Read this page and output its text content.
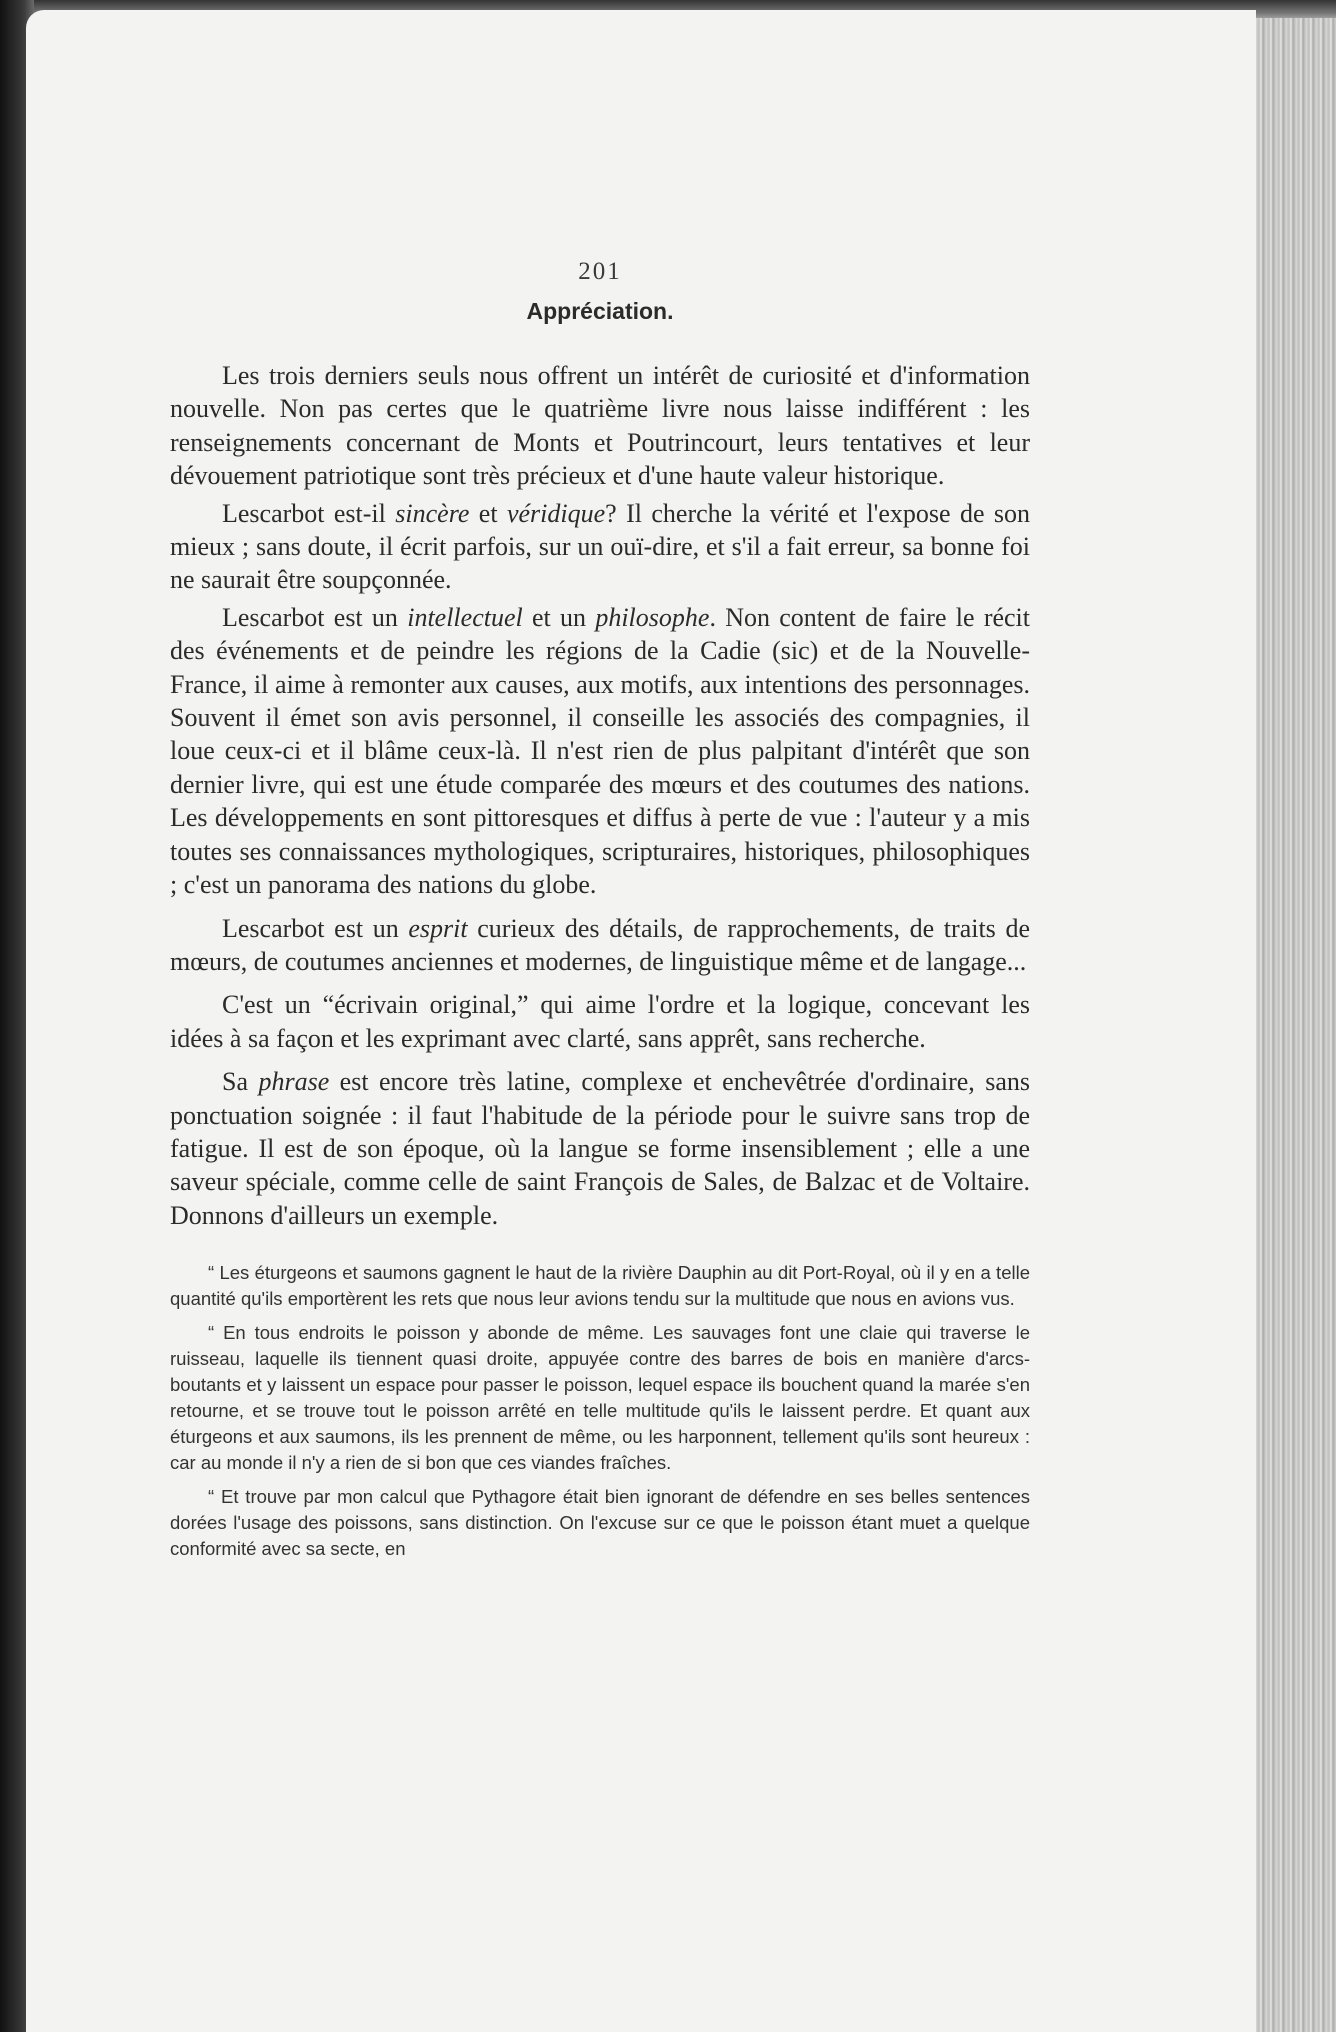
201
Appréciation.

Les trois derniers seuls nous offrent un intérêt de curiosité et d'information nouvelle. Non pas certes que le quatrième livre nous laisse indifférent : les renseignements concernant de Monts et Poutrincourt, leurs tentatives et leur dévouement patriotique sont très précieux et d'une haute valeur historique.

Lescarbot est-il sincère et véridique? Il cherche la vérité et l'expose de son mieux ; sans doute, il écrit parfois, sur un ouï-dire, et s'il a fait erreur, sa bonne foi ne saurait être soupçonnée.

Lescarbot est un intellectuel et un philosophe. Non content de faire le récit des événements et de peindre les régions de la Cadie (sic) et de la Nouvelle-France, il aime à remonter aux causes, aux motifs, aux intentions des personnages. Souvent il émet son avis personnel, il conseille les associés des compagnies, il loue ceux-ci et il blâme ceux-là. Il n'est rien de plus palpitant d'intérêt que son dernier livre, qui est une étude comparée des mœurs et des coutumes des nations. Les développements en sont pittoresques et diffus à perte de vue : l'auteur y a mis toutes ses connaissances mythologiques, scripturaires, historiques, philosophiques ; c'est un panorama des nations du globe.

Lescarbot est un esprit curieux des détails, de rapprochements, de traits de mœurs, de coutumes anciennes et modernes, de linguistique même et de langage...

C'est un “écrivain original,” qui aime l'ordre et la logique, concevant les idées à sa façon et les exprimant avec clarté, sans apprêt, sans recherche.

Sa phrase est encore très latine, complexe et enchevêtrée d'ordinaire, sans ponctuation soignée : il faut l'habitude de la période pour le suivre sans trop de fatigue. Il est de son époque, où la langue se forme insensiblement ; elle a une saveur spéciale, comme celle de saint François de Sales, de Balzac et de Voltaire. Donnons d'ailleurs un exemple.

“ Les éturgeons et saumons gagnent le haut de la rivière Dauphin au dit Port-Royal, où il y en a telle quantité qu'ils emportèrent les rets que nous leur avions tendu sur la multitude que nous en avions vus.

“ En tous endroits le poisson y abonde de même. Les sauvages font une claie qui traverse le ruisseau, laquelle ils tiennent quasi droite, appuyée contre des barres de bois en manière d'arcs-boutants et y laissent un espace pour passer le poisson, lequel espace ils bouchent quand la marée s'en retourne, et se trouve tout le poisson arrêté en telle multitude qu'ils le laissent perdre. Et quant aux éturgeons et aux saumons, ils les prennent de même, ou les harponnent, tellement qu'ils sont heureux : car au monde il n'y a rien de si bon que ces viandes fraîches.

“ Et trouve par mon calcul que Pythagore était bien ignorant de défendre en ses belles sentences dorées l'usage des poissons, sans distinction. On l'excuse sur ce que le poisson étant muet a quelque conformité avec sa secte, en
